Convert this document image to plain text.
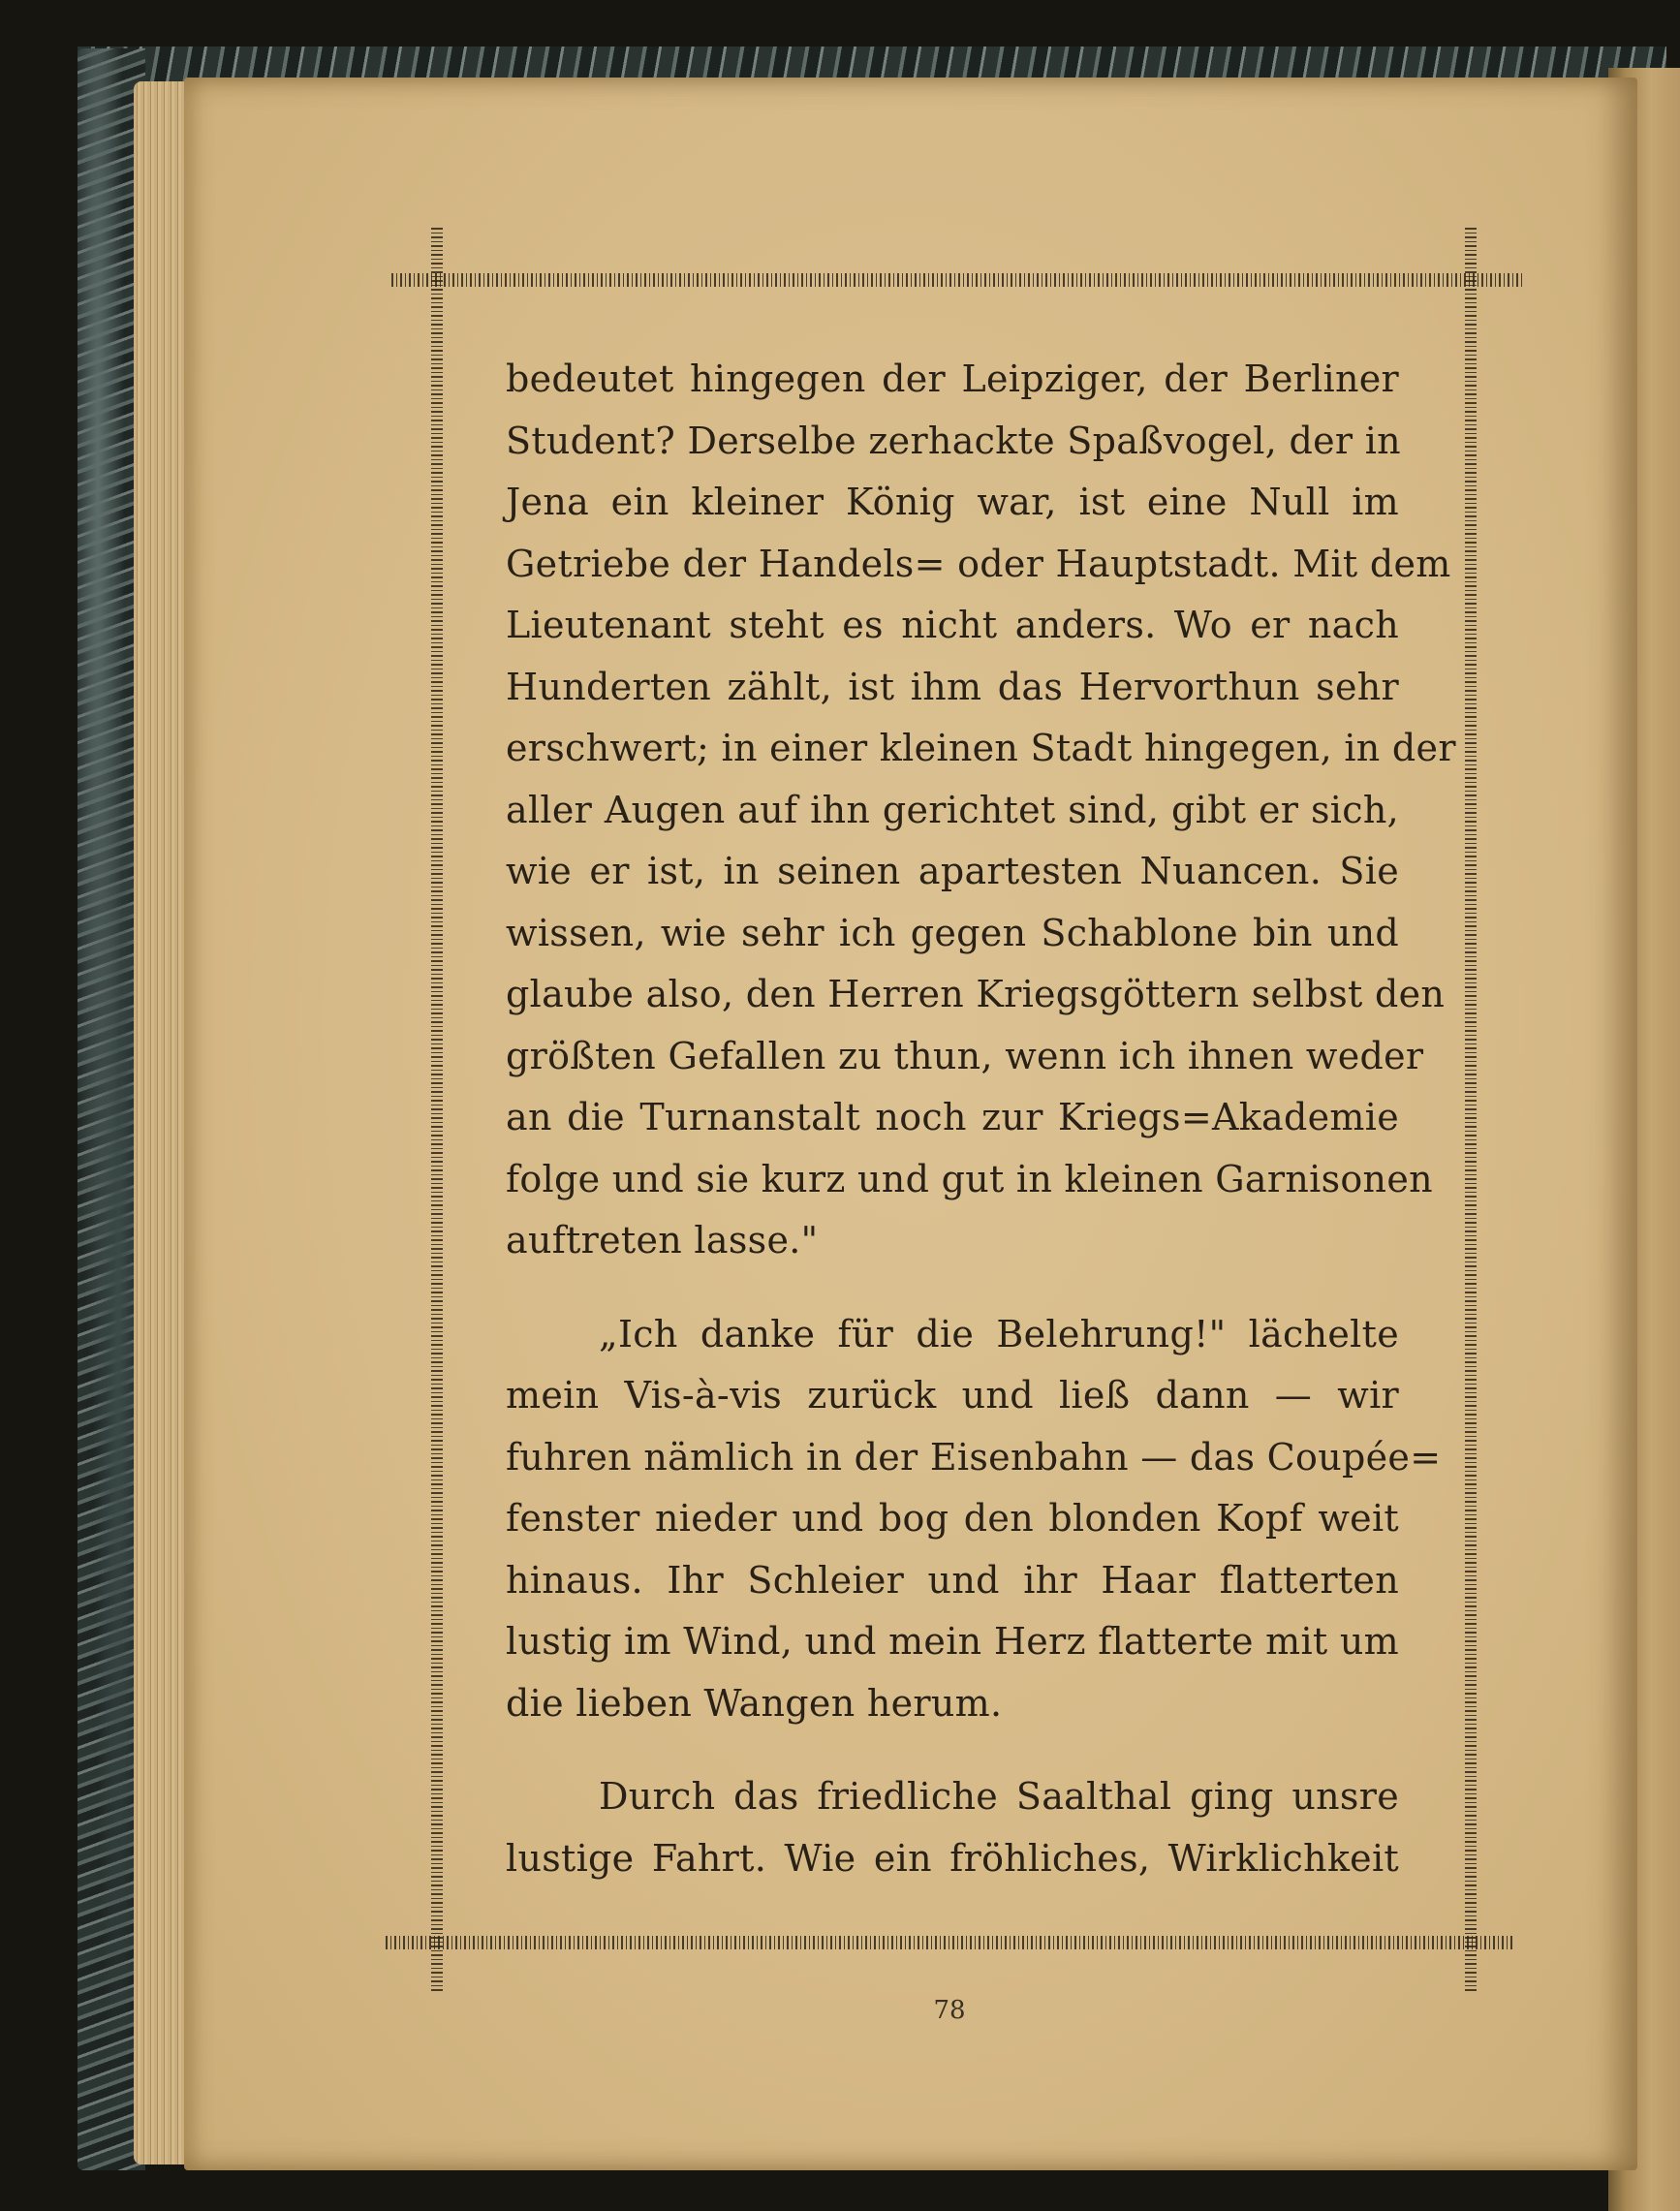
bedeutet hingegen der Leipziger, der Berliner
Student? Derselbe zerhackte Spaßvogel, der in
Jena ein kleiner König war, ist eine Null im
Getriebe der Handels= oder Hauptstadt. Mit dem
Lieutenant steht es nicht anders. Wo er nach
Hunderten zählt, ist ihm das Hervorthun sehr
erschwert; in einer kleinen Stadt hingegen, in der
aller Augen auf ihn gerichtet sind, gibt er sich,
wie er ist, in seinen apartesten Nuancen. Sie
wissen, wie sehr ich gegen Schablone bin und
glaube also, den Herren Kriegsgöttern selbst den
größten Gefallen zu thun, wenn ich ihnen weder
an die Turnanstalt noch zur Kriegs=Akademie
folge und sie kurz und gut in kleinen Garnisonen
auftreten lasse."
„Ich danke für die Belehrung!" lächelte
mein Vis-à-vis zurück und ließ dann — wir
fuhren nämlich in der Eisenbahn — das Coupée=
fenster nieder und bog den blonden Kopf weit
hinaus. Ihr Schleier und ihr Haar flatterten
lustig im Wind, und mein Herz flatterte mit um
die lieben Wangen herum.
Durch das friedliche Saalthal ging unsre
lustige Fahrt. Wie ein fröhliches, Wirklichkeit
78
